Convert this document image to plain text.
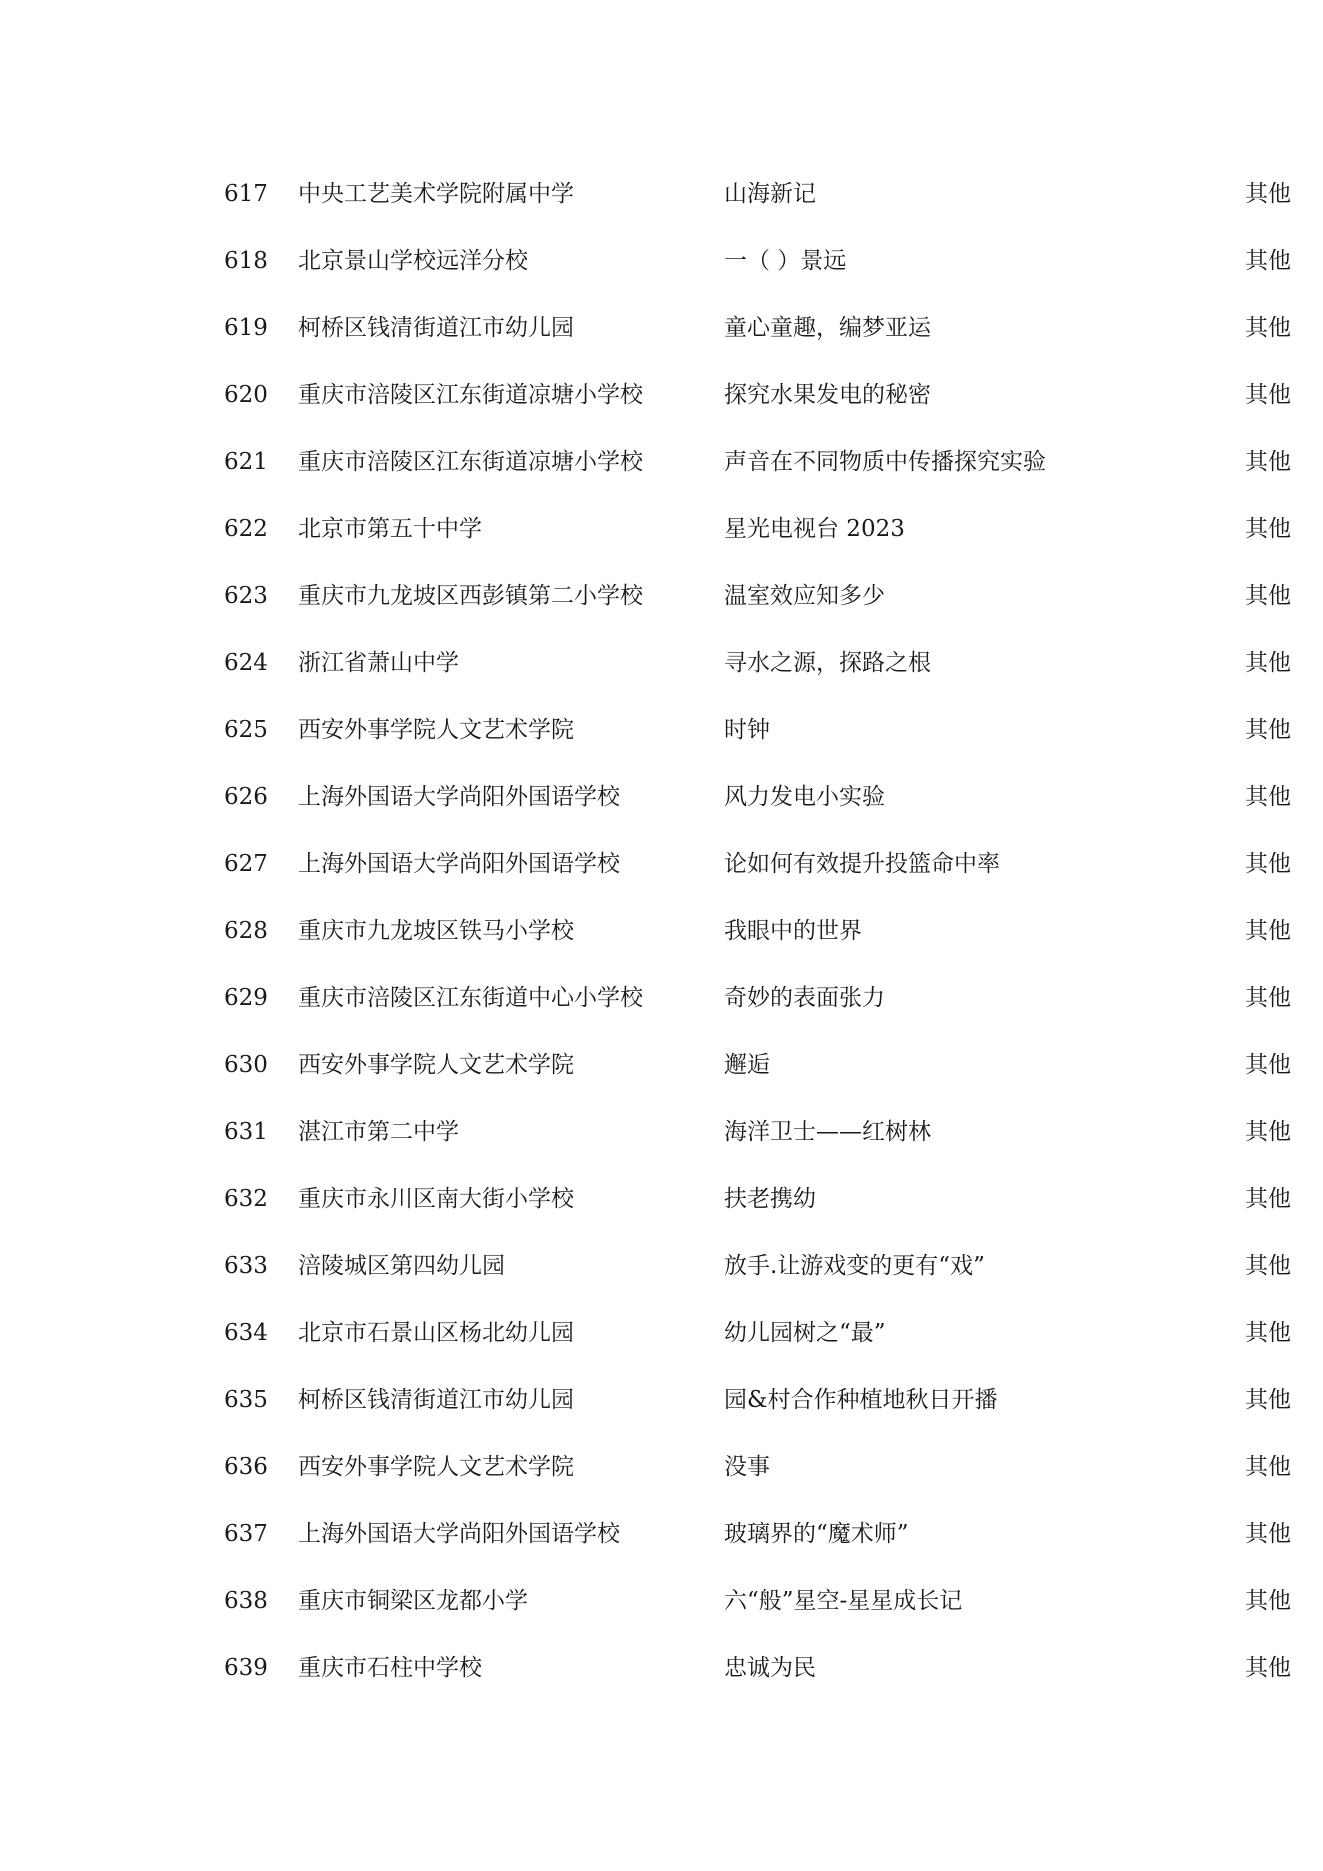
617 中央工艺美术学院附属中学	山海新记	其他
618 北京景山学校远洋分校	一（ ）景远	其他
619 柯桥区钱清街道江市幼儿园	童心童趣，编梦亚运	其他
620 重庆市涪陵区江东街道凉塘小学校	探究水果发电的秘密	其他
621 重庆市涪陵区江东街道凉塘小学校	声音在不同物质中传播探究实验	其他
622 北京市第五十中学	星光电视台 2023	其他
623 重庆市九龙坡区西彭镇第二小学校	温室效应知多少	其他
624 浙江省萧山中学	寻水之源，探路之根	其他
625 西安外事学院人文艺术学院	时钟	其他
626 上海外国语大学尚阳外国语学校	风力发电小实验	其他
627 上海外国语大学尚阳外国语学校	论如何有效提升投篮命中率	其他
628 重庆市九龙坡区铁马小学校	我眼中的世界	其他
629 重庆市涪陵区江东街道中心小学校	奇妙的表面张力	其他
630 西安外事学院人文艺术学院	邂逅	其他
631 湛江市第二中学	海洋卫士——红树林	其他
632 重庆市永川区南大街小学校	扶老携幼	其他
633 涪陵城区第四幼儿园	放手.让游戏变的更有“戏”	其他
634 北京市石景山区杨北幼儿园	幼儿园树之“最”	其他
635 柯桥区钱清街道江市幼儿园	园&村合作种植地秋日开播	其他
636 西安外事学院人文艺术学院	没事	其他
637 上海外国语大学尚阳外国语学校	玻璃界的“魔术师”	其他
638 重庆市铜梁区龙都小学	六“般”星空-星星成长记	其他
639 重庆市石柱中学校	忠诚为民	其他
